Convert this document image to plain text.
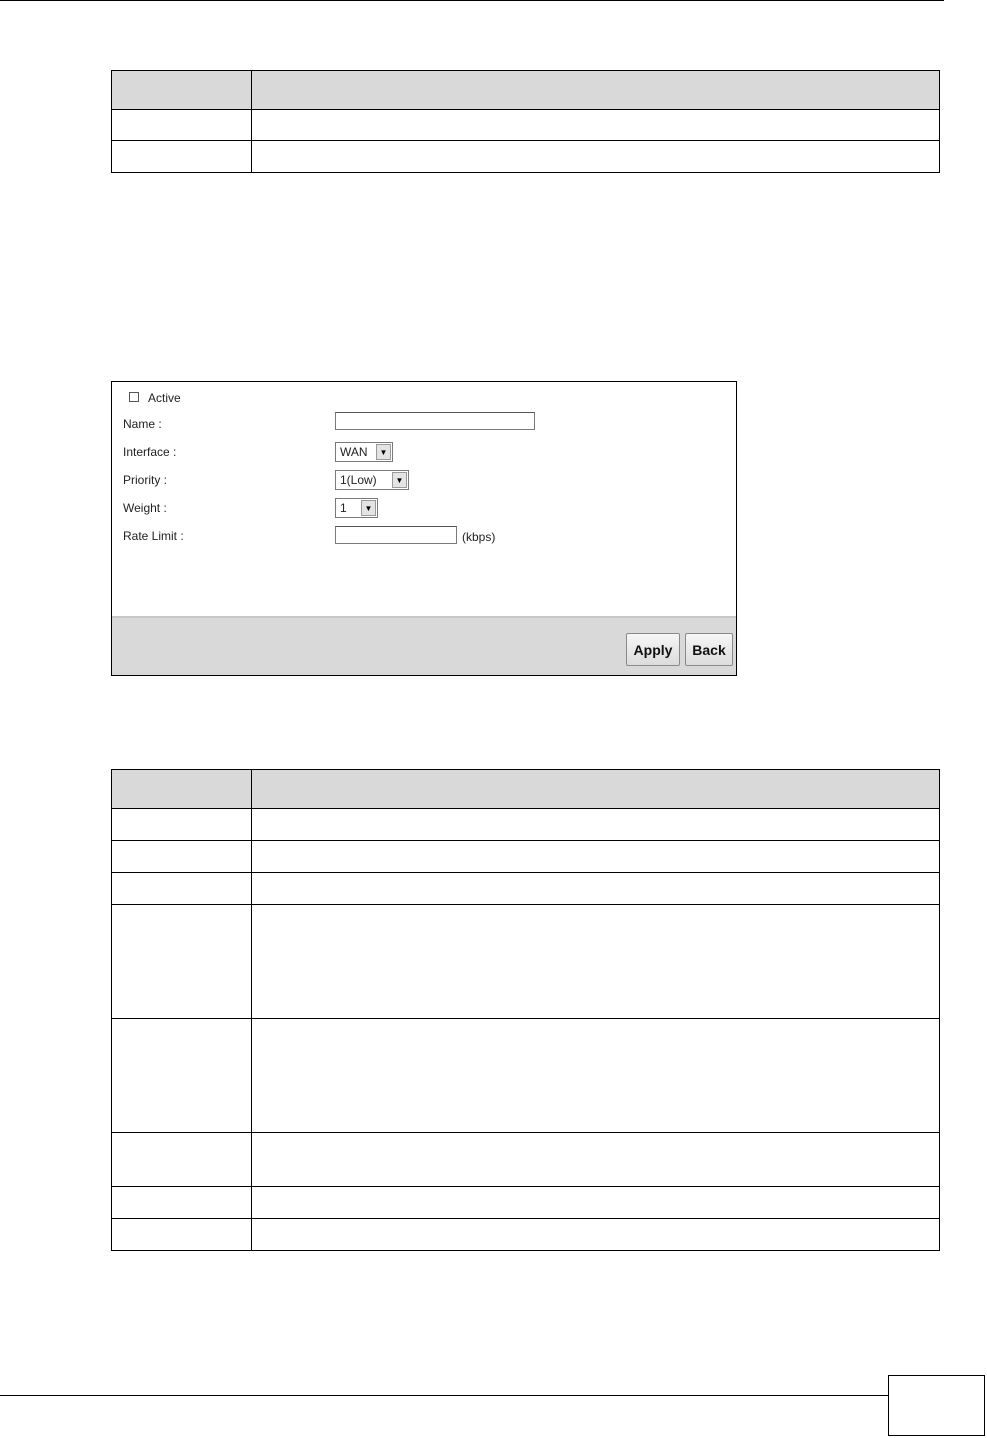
Active
Name :
Interface :	WAN	▼
Priority :	1(Low)	▼
Weight :	1	▼
Rate Limit :	(kbps)
Apply	Back
